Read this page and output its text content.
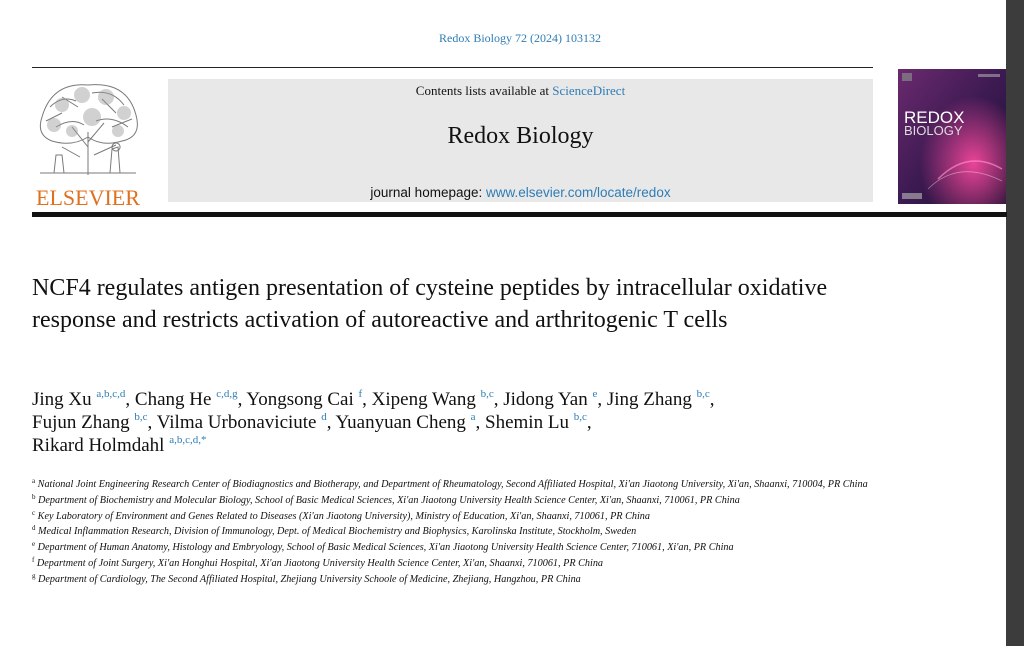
Redox Biology 72 (2024) 103132
ELSEVIER
Contents lists available at ScienceDirect
Redox Biology
journal homepage: www.elsevier.com/locate/redox
REDOX
BIOLOGY
NCF4 regulates antigen presentation of cysteine peptides by intracellular oxidative response and restricts activation of autoreactive and arthritogenic T cells
Jing Xu $^{a,b,c,d}$, Chang He $^{c,d,g}$, Yongsong Cai $^f$, Xipeng Wang $^{b,c}$, Jidong Yan $^e$, Jing Zhang $^{b,c}$,
Fujun Zhang $^{b,c}$, Vilma Urbonaviciute $^d$, Yuanyuan Cheng $^a$, Shemin Lu $^{b,c}$,
Rikard Holmdahl $^{a,b,c,d,*}$
$^a$ National Joint Engineering Research Center of Biodiagnostics and Biotherapy, and Department of Rheumatology, Second Affiliated Hospital, Xi'an Jiaotong University, Xi'an, Shaanxi, 710004, PR China
$^b$ Department of Biochemistry and Molecular Biology, School of Basic Medical Sciences, Xi'an Jiaotong University Health Science Center, Xi'an, Shaanxi, 710061, PR China
$^c$ Key Laboratory of Environment and Genes Related to Diseases (Xi'an Jiaotong University), Ministry of Education, Xi'an, Shaanxi, 710061, PR China
$^d$ Medical Inflammation Research, Division of Immunology, Dept. of Medical Biochemistry and Biophysics, Karolinska Institute, Stockholm, Sweden
$^e$ Department of Human Anatomy, Histology and Embryology, School of Basic Medical Sciences, Xi'an Jiaotong University Health Science Center, 710061, Xi'an, PR China
$^f$ Department of Joint Surgery, Xi'an Honghui Hospital, Xi'an Jiaotong University Health Science Center, Xi'an, Shaanxi, 710061, PR China
$^g$ Department of Cardiology, The Second Affiliated Hospital, Zhejiang University Schoole of Medicine, Zhejiang, Hangzhou, PR China
